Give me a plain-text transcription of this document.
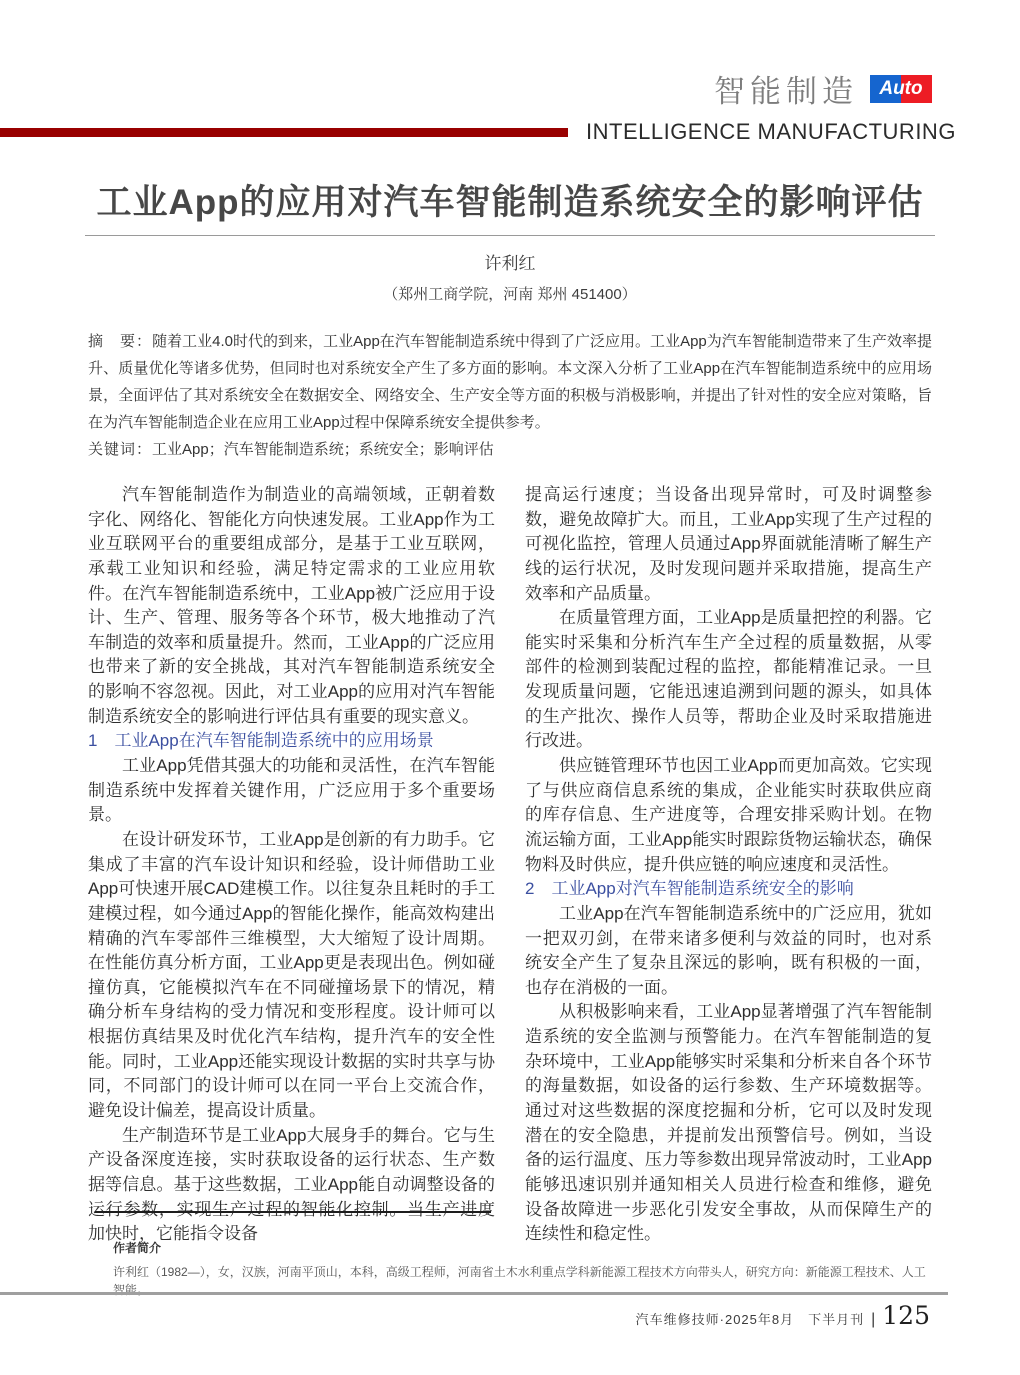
智能制造	Auto
INTELLIGENCE MANUFACTURING
工业App的应用对汽车智能制造系统安全的影响评估
许利红
（郑州工商学院，河南 郑州 451400）
摘　要：随着工业4.0时代的到来，工业App在汽车智能制造系统中得到了广泛应用。工业App为汽车智能制造带来了生产效率提升、质量优化等诸多优势，但同时也对系统安全产生了多方面的影响。本文深入分析了工业App在汽车智能制造系统中的应用场景，全面评估了其对系统安全在数据安全、网络安全、生产安全等方面的积极与消极影响，并提出了针对性的安全应对策略，旨在为汽车智能制造企业在应用工业App过程中保障系统安全提供参考。
关键词：工业App；汽车智能制造系统；系统安全；影响评估

汽车智能制造作为制造业的高端领域，正朝着数字化、网络化、智能化方向快速发展。工业App作为工业互联网平台的重要组成部分，是基于工业互联网，承载工业知识和经验，满足特定需求的工业应用软件。在汽车智能制造系统中，工业App被广泛应用于设计、生产、管理、服务等各个环节，极大地推动了汽车制造的效率和质量提升。然而，工业App的广泛应用也带来了新的安全挑战，其对汽车智能制造系统安全的影响不容忽视。因此，对工业App的应用对汽车智能制造系统安全的影响进行评估具有重要的现实意义。

1　工业App在汽车智能制造系统中的应用场景

工业App凭借其强大的功能和灵活性，在汽车智能制造系统中发挥着关键作用，广泛应用于多个重要场景。

在设计研发环节，工业App是创新的有力助手。它集成了丰富的汽车设计知识和经验，设计师借助工业App可快速开展CAD建模工作。以往复杂且耗时的手工建模过程，如今通过App的智能化操作，能高效构建出精确的汽车零部件三维模型，大大缩短了设计周期。在性能仿真分析方面，工业App更是表现出色。例如碰撞仿真，它能模拟汽车在不同碰撞场景下的情况，精确分析车身结构的受力情况和变形程度。设计师可以根据仿真结果及时优化汽车结构，提升汽车的安全性能。同时，工业App还能实现设计数据的实时共享与协同，不同部门的设计师可以在同一平台上交流合作，避免设计偏差，提高设计质量。

生产制造环节是工业App大展身手的舞台。它与生产设备深度连接，实时获取设备的运行状态、生产数据等信息。基于这些数据，工业App能自动调整设备的运行参数，实现生产过程的智能化控制。当生产进度加快时，它能指令设备

提高运行速度；当设备出现异常时，可及时调整参数，避免故障扩大。而且，工业App实现了生产过程的可视化监控，管理人员通过App界面就能清晰了解生产线的运行状况，及时发现问题并采取措施，提高生产效率和产品质量。

在质量管理方面，工业App是质量把控的利器。它能实时采集和分析汽车生产全过程的质量数据，从零部件的检测到装配过程的监控，都能精准记录。一旦发现质量问题，它能迅速追溯到问题的源头，如具体的生产批次、操作人员等，帮助企业及时采取措施进行改进。

供应链管理环节也因工业App而更加高效。它实现了与供应商信息系统的集成，企业能实时获取供应商的库存信息、生产进度等，合理安排采购计划。在物流运输方面，工业App能实时跟踪货物运输状态，确保物料及时供应，提升供应链的响应速度和灵活性。

2　工业App对汽车智能制造系统安全的影响

工业App在汽车智能制造系统中的广泛应用，犹如一把双刃剑，在带来诸多便利与效益的同时，也对系统安全产生了复杂且深远的影响，既有积极的一面，也存在消极的一面。

从积极影响来看，工业App显著增强了汽车智能制造系统的安全监测与预警能力。在汽车智能制造的复杂环境中，工业App能够实时采集和分析来自各个环节的海量数据，如设备的运行参数、生产环境数据等。通过对这些数据的深度挖掘和分析，它可以及时发现潜在的安全隐患，并提前发出预警信号。例如，当设备的运行温度、压力等参数出现异常波动时，工业App能够迅速识别并通知相关人员进行检查和维修，避免设备故障进一步恶化引发安全事故，从而保障生产的连续性和稳定性。

作者简介
许利红（1982—），女，汉族，河南平顶山，本科，高级工程师，河南省土木水利重点学科新能源工程技术方向带头人，研究方向：新能源工程技术、人工智能。
汽车维修技师·2025年8月　下半月刊 | 125
